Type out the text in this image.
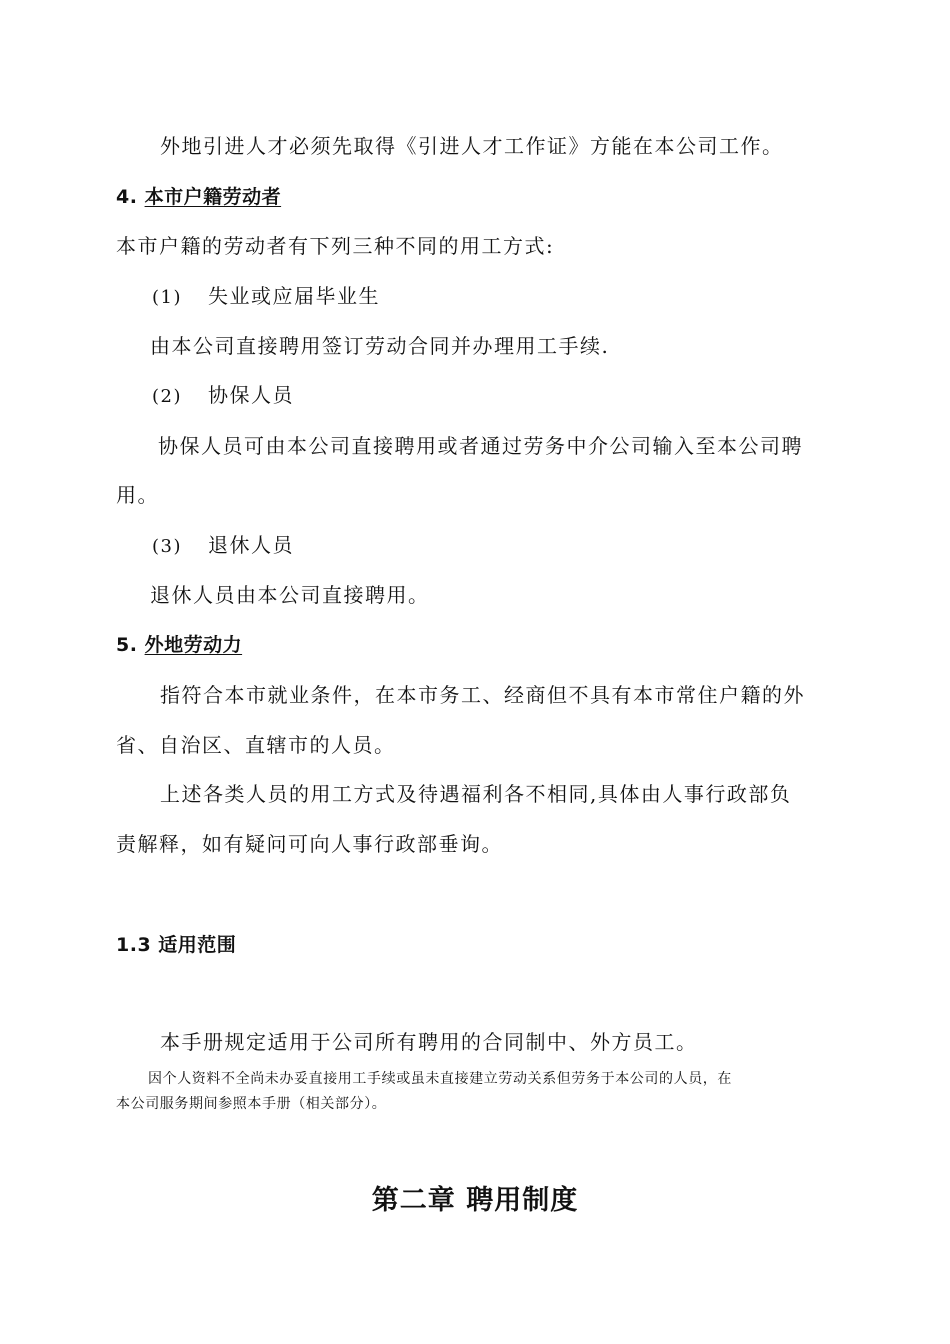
外地引进人才必须先取得《引进人才工作证》方能在本公司工作。
4. 本市户籍劳动者
本市户籍的劳动者有下列三种不同的用工方式:
(1) 失业或应届毕业生
由本公司直接聘用签订劳动合同并办理用工手续.
(2) 协保人员
协保人员可由本公司直接聘用或者通过劳务中介公司输入至本公司聘
用。
(3) 退休人员
退休人员由本公司直接聘用。
5. 外地劳动力
指符合本市就业条件，在本市务工、经商但不具有本市常住户籍的外
省、自治区、直辖市的人员。
上述各类人员的用工方式及待遇福利各不相同,具体由人事行政部负
责解释，如有疑问可向人事行政部垂询。
1.3 适用范围
本手册规定适用于公司所有聘用的合同制中、外方员工。
因个人资料不全尚未办妥直接用工手续或虽未直接建立劳动关系但劳务于本公司的人员，在
本公司服务期间参照本手册（相关部分）。
第二章 聘用制度
